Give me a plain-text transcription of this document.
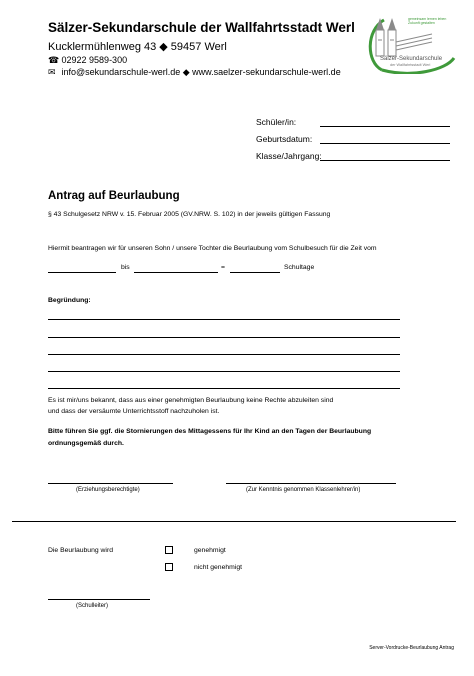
Sälzer-Sekundarschule der Wallfahrtsstadt Werl
Kucklermühlenweg 43 ◆ 59457 Werl
☎ 02922 9589-300
✉ info@sekundarschule-werl.de ◆ www.saelzer-sekundarschule-werl.de
gemeinsam lernen leben Zukunft gestalten
Sälzer-Sekundarschule
der Wallfahrtsstadt Werl
Schüler/in:
Geburtsdatum:
Klasse/Jahrgang:
Antrag auf Beurlaubung
§ 43 Schulgesetz NRW v. 15. Februar 2005 (GV.NRW. S. 102) in der jeweils gültigen Fassung
Hiermit beantragen wir für unseren Sohn / unsere Tochter die Beurlaubung vom Schulbesuch für die Zeit vom
bis	=	Schultage
Begründung:
Es ist mir/uns bekannt, dass aus einer genehmigten Beurlaubung keine Rechte abzuleiten sind
und dass der versäumte Unterrichtsstoff nachzuholen ist.
Bitte führen Sie ggf. die Stornierungen des Mittagessens für Ihr Kind an den Tagen der Beurlaubung
ordnungsgemäß durch.
(Erziehungsberechtigte)	(Zur Kenntnis genommen Klassenlehrer/in)
Die Beurlaubung wird	genehmigt
nicht genehmigt
(Schulleiter)
Server-Vordrucke-Beurlaubung Antrag
